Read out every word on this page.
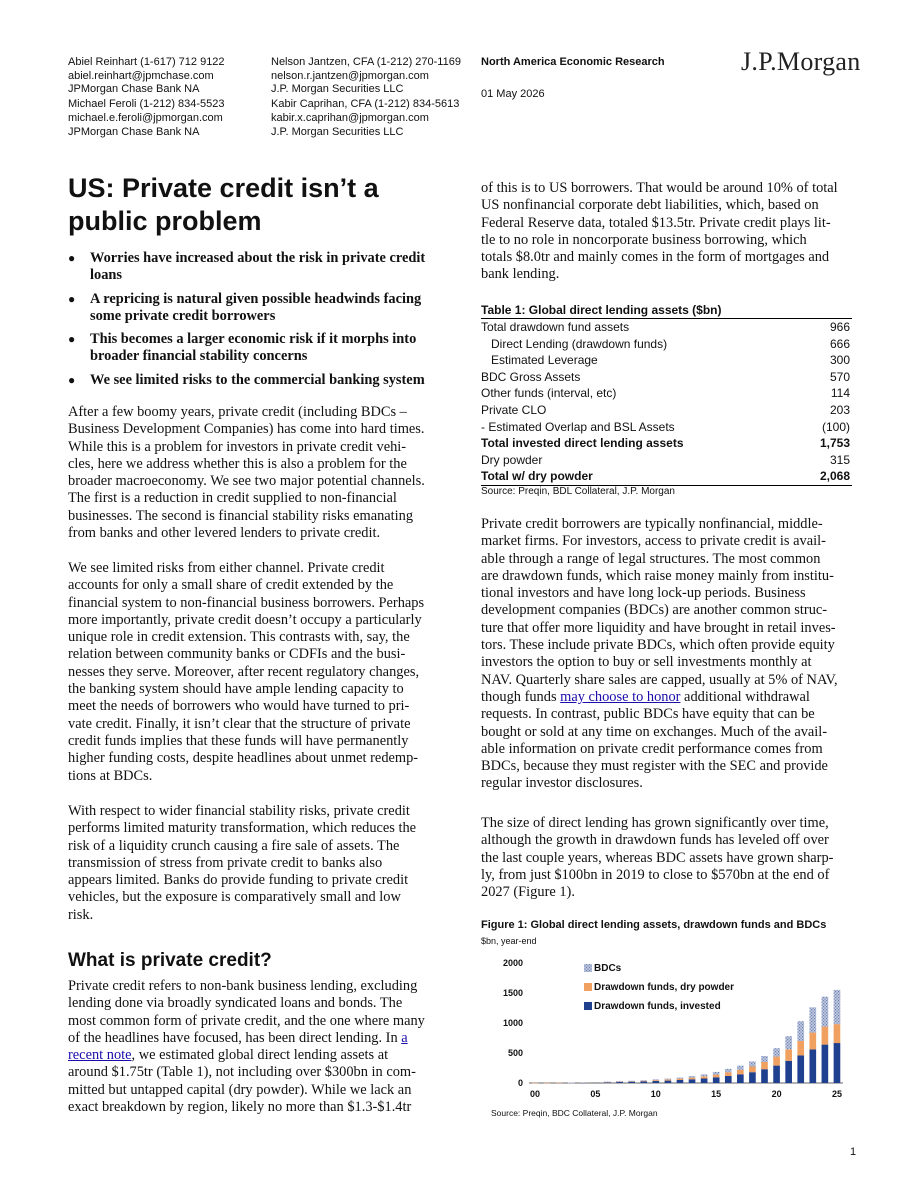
Abiel Reinhart (1-617) 712 9122
abiel.reinhart@jpmchase.com
JPMorgan Chase Bank NA
Michael Feroli (1-212) 834-5523
michael.e.feroli@jpmorgan.com
JPMorgan Chase Bank NA
Nelson Jantzen, CFA (1-212) 270-1169
nelson.r.jantzen@jpmorgan.com
J.P. Morgan Securities LLC
Kabir Caprihan, CFA (1-212) 834-5613
kabir.x.caprihan@jpmorgan.com
J.P. Morgan Securities LLC
North America Economic Research
01 May 2026
J.P.Morgan
US: Private credit isn’t a public problem
● Worries have increased about the risk in private credit loans
● A repricing is natural given possible headwinds facing some private credit borrowers
● This becomes a larger economic risk if it morphs into broader financial stability concerns
● We see limited risks to the commercial banking system
After a few boomy years, private credit (including BDCs –
Business Development Companies) has come into hard times.
While this is a problem for investors in private credit vehi-
cles, here we address whether this is also a problem for the
broader macroeconomy. We see two major potential channels.
The first is a reduction in credit supplied to non-financial
businesses. The second is financial stability risks emanating
from banks and other levered lenders to private credit.
We see limited risks from either channel. Private credit
accounts for only a small share of credit extended by the
financial system to non-financial business borrowers. Perhaps
more importantly, private credit doesn’t occupy a particularly
unique role in credit extension. This contrasts with, say, the
relation between community banks or CDFIs and the busi-
nesses they serve. Moreover, after recent regulatory changes,
the banking system should have ample lending capacity to
meet the needs of borrowers who would have turned to pri-
vate credit. Finally, it isn’t clear that the structure of private
credit funds implies that these funds will have permanently
higher funding costs, despite headlines about unmet redemp-
tions at BDCs.
With respect to wider financial stability risks, private credit
performs limited maturity transformation, which reduces the
risk of a liquidity crunch causing a fire sale of assets. The
transmission of stress from private credit to banks also
appears limited. Banks do provide funding to private credit
vehicles, but the exposure is comparatively small and low
risk.
What is private credit?
Private credit refers to non-bank business lending, excluding
lending done via broadly syndicated loans and bonds. The
most common form of private credit, and the one where many
of the headlines have focused, has been direct lending. In a
recent note, we estimated global direct lending assets at
around $1.75tr (Table 1), not including over $300bn in com-
mitted but untapped capital (dry powder). While we lack an
exact breakdown by region, likely no more than $1.3-$1.4tr
of this is to US borrowers. That would be around 10% of total
US nonfinancial corporate debt liabilities, which, based on
Federal Reserve data, totaled $13.5tr. Private credit plays lit-
tle to no role in noncorporate business borrowing, which
totals $8.0tr and mainly comes in the form of mortgages and
bank lending.
Table 1: Global direct lending assets ($bn)
Total drawdown fund assets	966
Direct Lending (drawdown funds)	666
Estimated Leverage	300
BDC Gross Assets	570
Other funds (interval, etc)	114
Private CLO	203
- Estimated Overlap and BSL Assets	(100)
Total invested direct lending assets	1,753
Dry powder	315
Total w/ dry powder	2,068
Source: Preqin, BDL Collateral, J.P. Morgan
Private credit borrowers are typically nonfinancial, middle-
market firms. For investors, access to private credit is avail-
able through a range of legal structures. The most common
are drawdown funds, which raise money mainly from institu-
tional investors and have long lock-up periods. Business
development companies (BDCs) are another common struc-
ture that offer more liquidity and have brought in retail inves-
tors. These include private BDCs, which often provide equity
investors the option to buy or sell investments monthly at
NAV. Quarterly share sales are capped, usually at 5% of NAV,
though funds may choose to honor additional withdrawal
requests. In contrast, public BDCs have equity that can be
bought or sold at any time on exchanges. Much of the avail-
able information on private credit performance comes from
BDCs, because they must register with the SEC and provide
regular investor disclosures.
The size of direct lending has grown significantly over time,
although the growth in drawdown funds has leveled off over
the last couple years, whereas BDC assets have grown sharp-
ly, from just $100bn in 2019 to close to $570bn at the end of
2027 (Figure 1).
Figure 1: Global direct lending assets, drawdown funds and BDCs
$bn, year-end
0
500
1000
1500
2000
00	05	10	15	20	25
BDCs
Drawdown funds, dry powder
Drawdown funds, invested
Source: Preqin, BDC Collateral, J.P. Morgan
1
